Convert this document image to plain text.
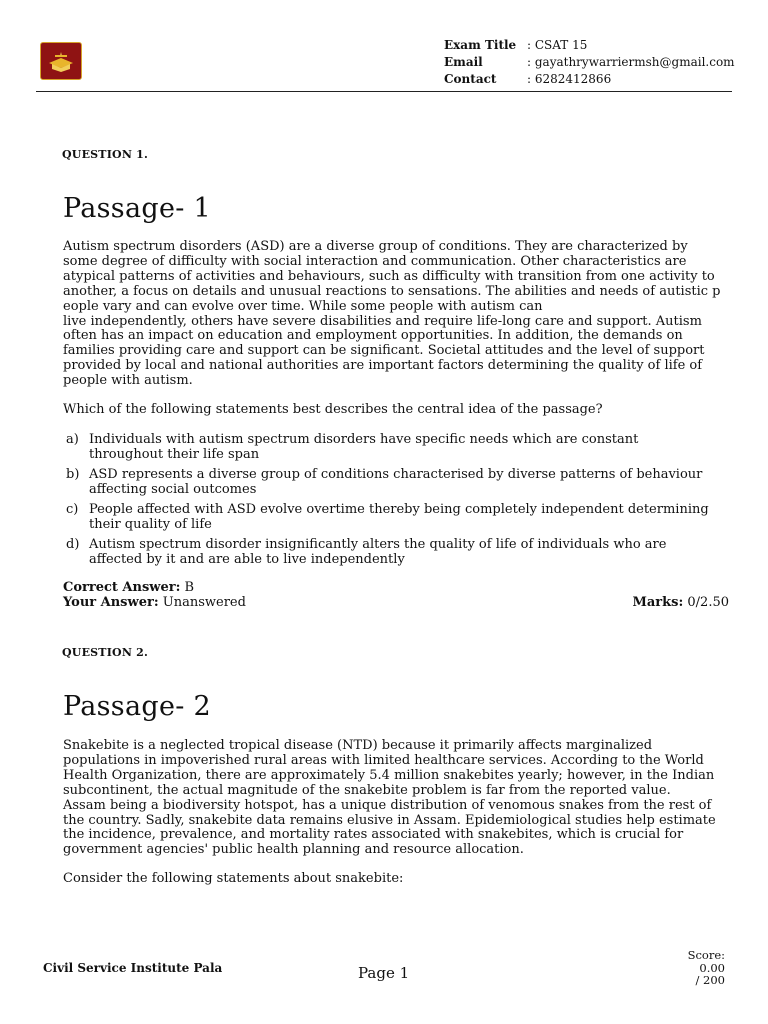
Exam Title : CSAT 15
Email	: gayathrywarriermsh@gmail.com
Contact	: 6282412866
QUESTION 1.
Passage- 1
Autism spectrum disorders (ASD) are a diverse group of conditions. They are characterized by
some degree of difficulty with social interaction and communication. Other characteristics are
atypical patterns of activities and behaviours, such as difficulty with transition from one activity to
another, a focus on details and unusual reactions to sensations. The abilities and needs of autistic p
eople vary and can evolve over time. While some people with autism can
live independently, others have severe disabilities and require life-long care and support. Autism
often has an impact on education and employment opportunities. In addition, the demands on
families providing care and support can be significant. Societal attitudes and the level of support
provided by local and national authorities are important factors determining the quality of life of
people with autism.

Which of the following statements best describes the central idea of the passage?

a) Individuals with autism spectrum disorders have specific needs which are constant
throughout their life span
b) ASD represents a diverse group of conditions characterised by diverse patterns of behaviour
affecting social outcomes
c) People affected with ASD evolve overtime thereby being completely independent determining
their quality of life
d) Autism spectrum disorder insignificantly alters the quality of life of individuals who are
affected by it and are able to live independently
Correct Answer: B
Your Answer: Unanswered	Marks: 0/2.50
QUESTION 2.
Passage- 2
Snakebite is a neglected tropical disease (NTD) because it primarily affects marginalized
populations in impoverished rural areas with limited healthcare services. According to the World
Health Organization, there are approximately 5.4 million snakebites yearly; however, in the Indian
subcontinent, the actual magnitude of the snakebite problem is far from the reported value.
Assam being a biodiversity hotspot, has a unique distribution of venomous snakes from the rest of
the country. Sadly, snakebite data remains elusive in Assam. Epidemiological studies help estimate
the incidence, prevalence, and mortality rates associated with snakebites, which is crucial for
government agencies' public health planning and resource allocation.

Consider the following statements about snakebite:

Civil Service Institute Pala	Page 1
Score:
0.00
/ 200
